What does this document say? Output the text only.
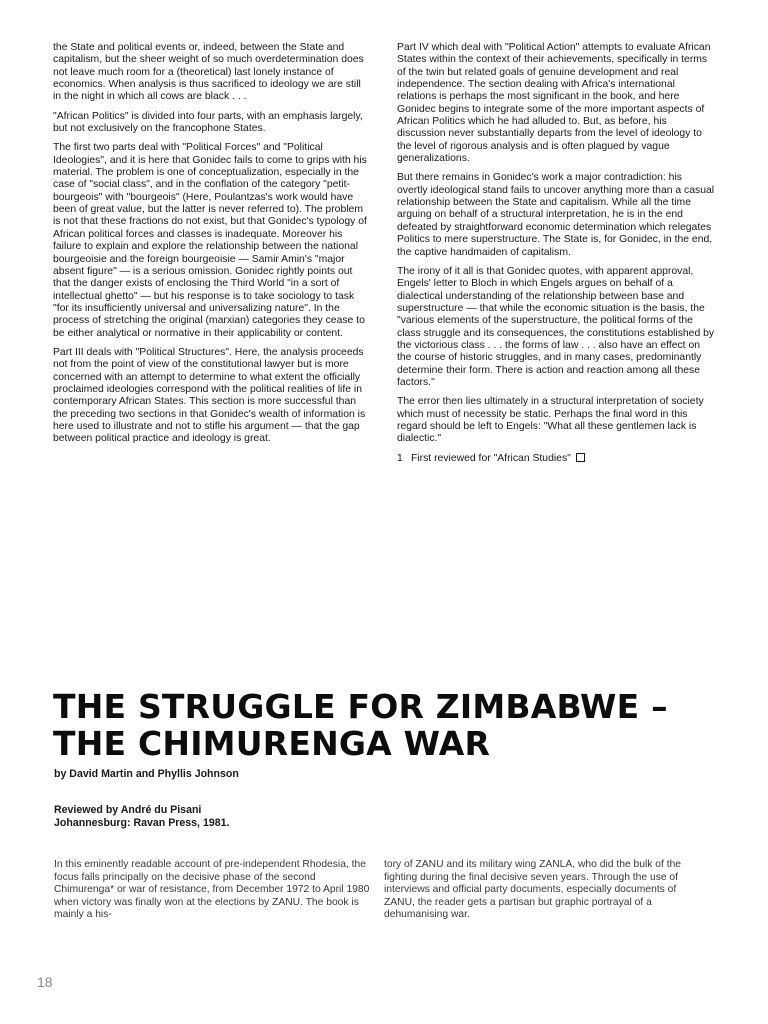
the State and political events or, indeed, between the State and capitalism, but the sheer weight of so much overdetermination does not leave much room for a (theoretical) last lonely instance of economics. When analysis is thus sacrificed to ideology we are still in the night in which all cows are black . . .

"African Politics" is divided into four parts, with an emphasis largely, but not exclusively on the francophone States.

The first two parts deal with "Political Forces" and "Political Ideologies", and it is here that Gonidec fails to come to grips with his material. The problem is one of conceptualization, especially in the case of "social class", and in the conflation of the category "petit-bourgeois" with "bourgeois" (Here, Poulantzas's work would have been of great value, but the latter is never referred to). The problem is not that these fractions do not exist, but that Gonidec's typology of African political forces and classes is inadequate. Moreover his failure to explain and explore the relationship between the national bourgeoisie and the foreign bourgeoisie — Samir Amin's "major absent figure" — is a serious omission. Gonidec rightly points out that the danger exists of enclosing the Third World "in a sort of intellectual ghetto" — but his response is to take sociology to task "for its insufficiently universal and universalizing nature". In the process of stretching the original (marxian) categories they cease to be either analytical or normative in their applicability or content.

Part III deals with "Political Structures". Here, the analysis proceeds not from the point of view of the constitutional lawyer but is more concerned with an attempt to determine to what extent the officially proclaimed ideologies correspond with the political realities of life in contemporary African States. This section is more successful than the preceding two sections in that Gonidec's wealth of information is here used to illustrate and not to stifle his argument — that the gap between political practice and ideology is great.

Part IV which deal with "Political Action" attempts to evaluate African States within the context of their achievements, specifically in terms of the twin but related goals of genuine development and real independence. The section dealing with Africa's international relations is perhaps the most significant in the book, and here Gonidec begins to integrate some of the more important aspects of African Politics which he had alluded to. But, as before, his discussion never substantially departs from the level of ideology to the level of rigorous analysis and is often plagued by vague generalizations.

But there remains in Gonidec's work a major contradiction: his overtly ideological stand fails to uncover anything more than a casual relationship between the State and capitalism. While all the time arguing on behalf of a structural interpretation, he is in the end defeated by straightforward economic determination which relegates Politics to mere superstructure. The State is, for Gonidec, in the end, the captive handmaiden of capitalism.

The irony of it all is that Gonidec quotes, with apparent approval, Engels' letter to Bloch in which Engels argues on behalf of a dialectical understanding of the relationship between base and superstructure — that while the economic situation is the basis, the "various elements of the superstructure, the political forms of the class struggle and its consequences, the constitutions established by the victorious class . . . the forms of law . . . also have an effect on the course of historic struggles, and in many cases, predominantly determine their form. There is action and reaction among all these factors."

The error then lies ultimately in a structural interpretation of society which must of necessity be static. Perhaps the final word in this regard should be left to Engels: "What all these gentlemen lack is dialectic."

1 First reviewed for "African Studies"

THE STRUGGLE FOR ZIMBABWE –
THE CHIMURENGA WAR
by David Martin and Phyllis Johnson
Reviewed by André du Pisani
Johannesburg: Ravan Press, 1981.

In this eminently readable account of pre-independent Rhodesia, the focus falls principally on the decisive phase of the second Chimurenga* or war of resistance, from December 1972 to April 1980 when victory was finally won at the elections by ZANU. The book is mainly a his-

tory of ZANU and its military wing ZANLA, who did the bulk of the fighting during the final decisive seven years. Through the use of interviews and official party documents, especially documents of ZANU, the reader gets a partisan but graphic portrayal of a dehumanising war.

18
